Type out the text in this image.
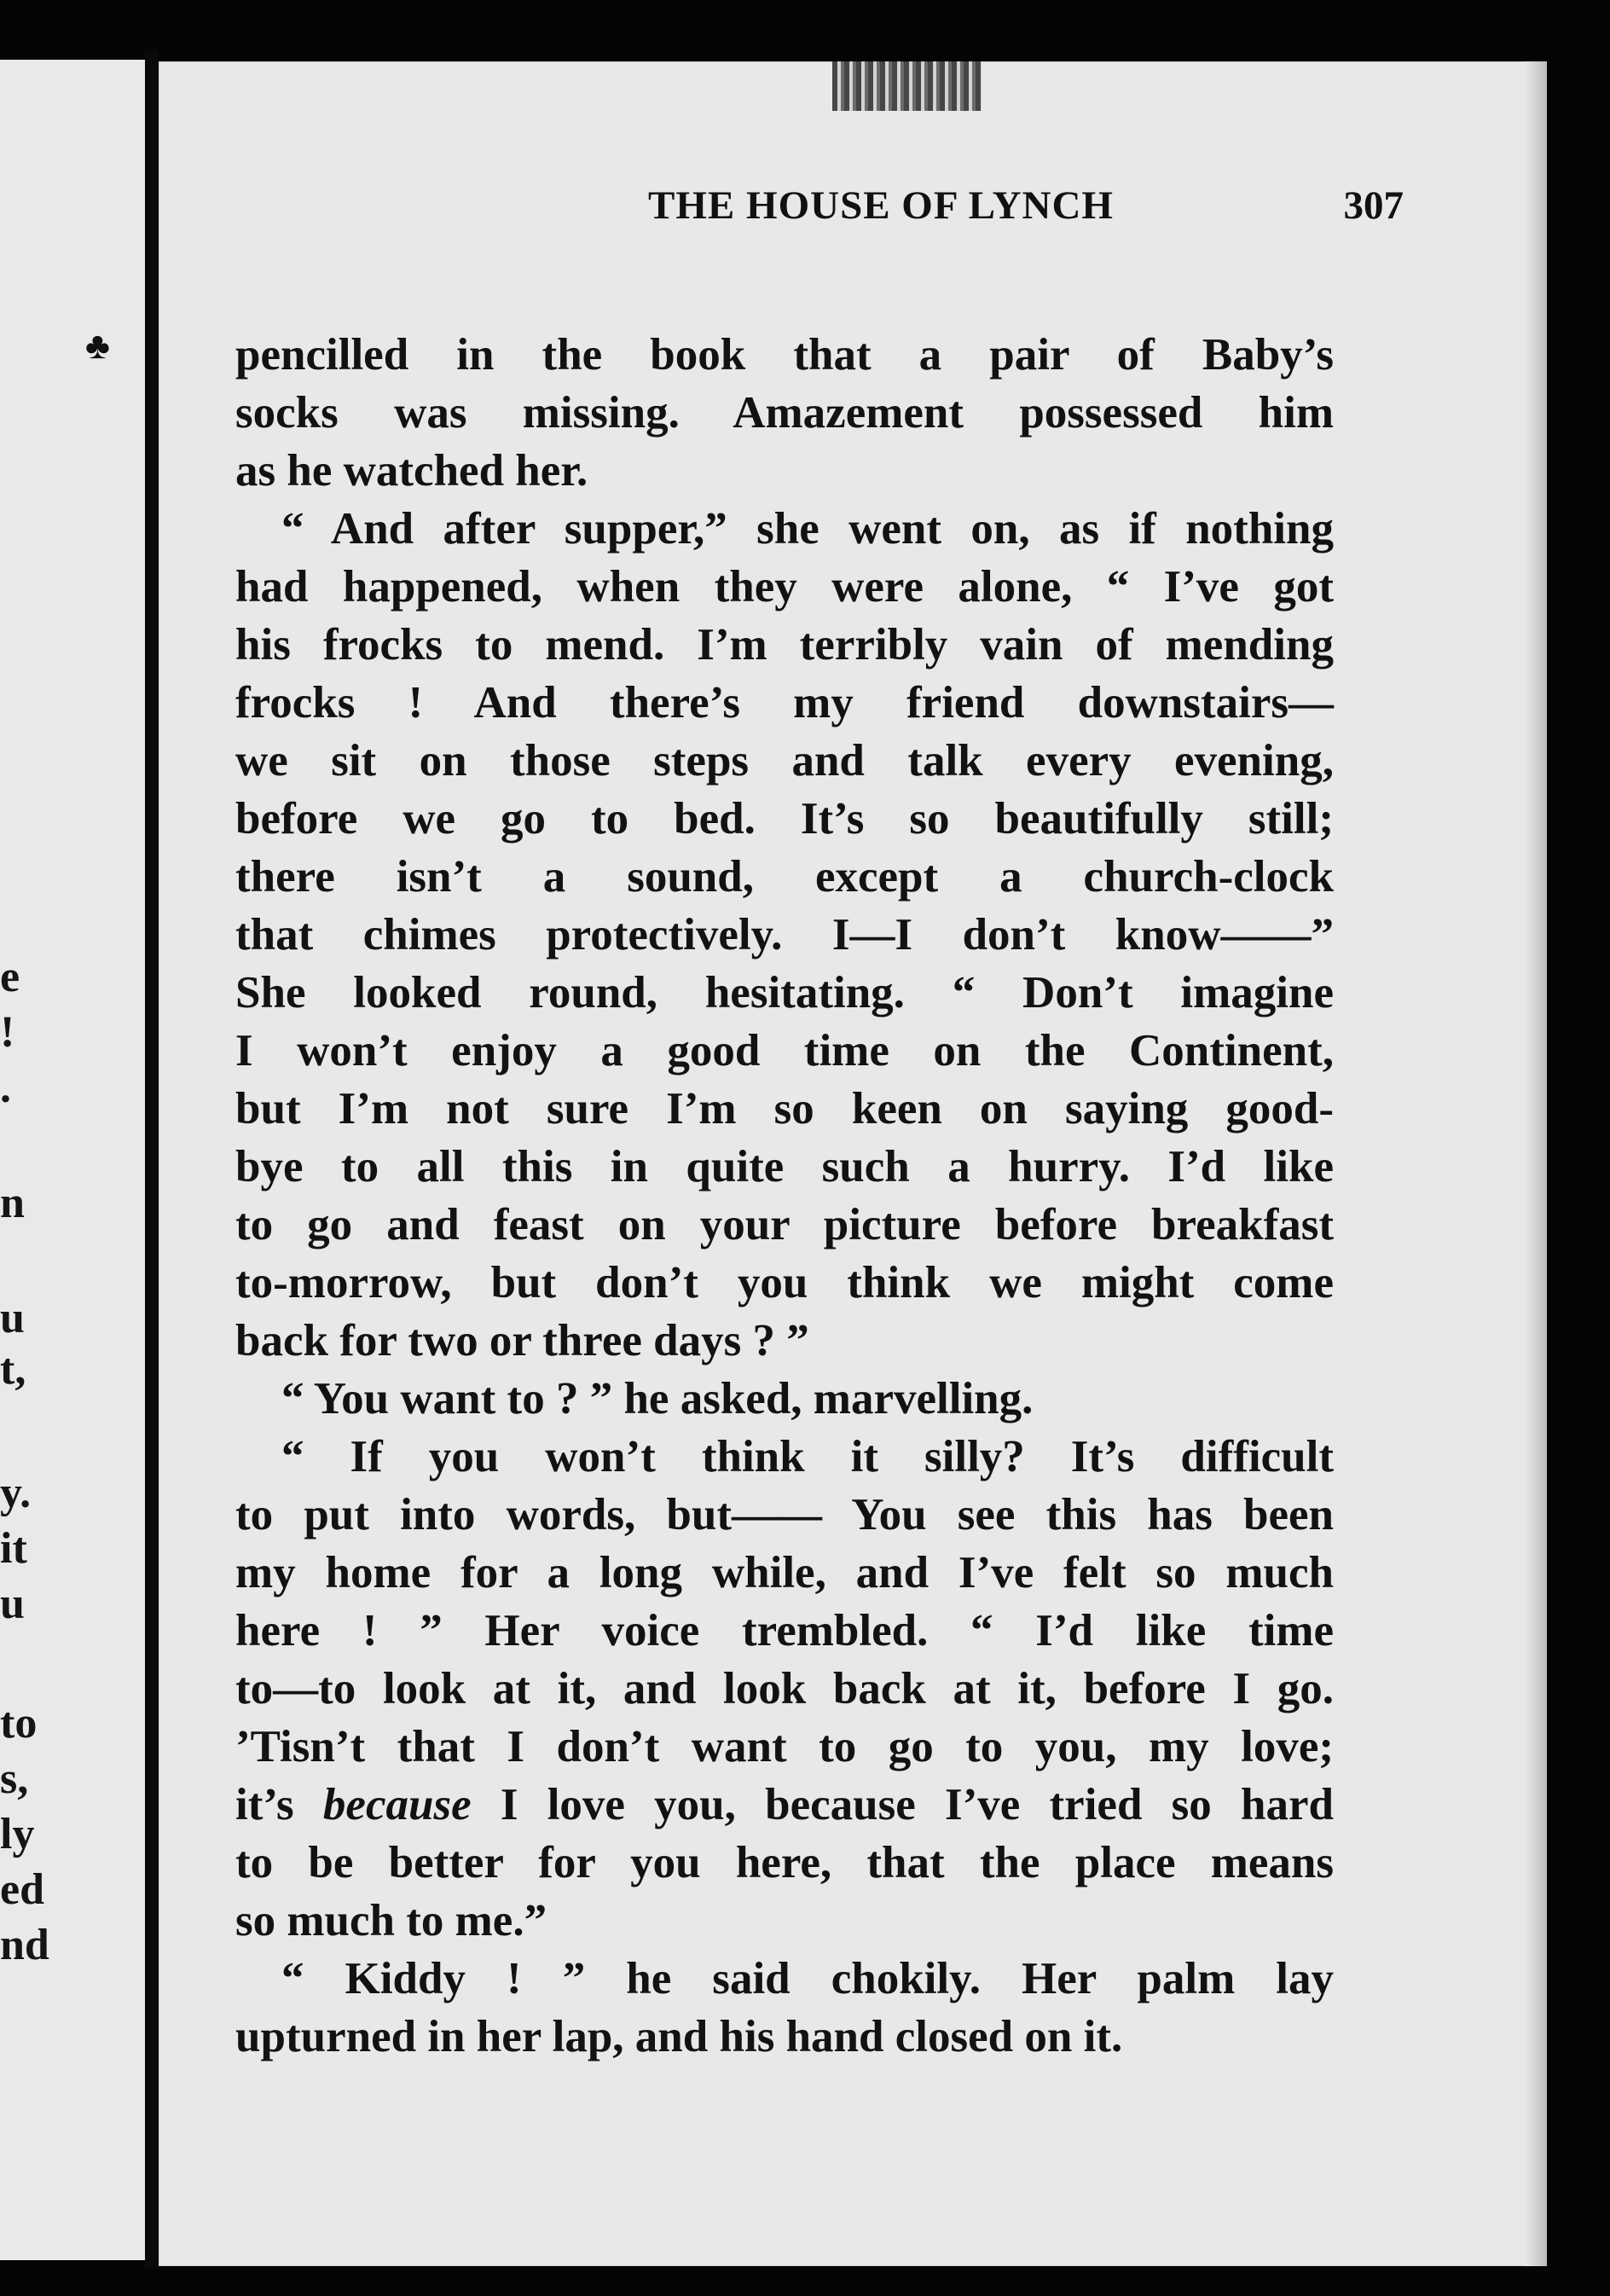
e
!
.
n
u
t,
y.
it
u
to
s,
ly
ed
nd
THE HOUSE OF LYNCH	307
pencilled in the book that a pair of Baby’s
socks was missing. Amazement possessed him
as he watched her.
“ And after supper,” she went on, as if nothing
had happened, when they were alone, “ I’ve got
his frocks to mend. I’m terribly vain of mending
frocks ! And there’s my friend downstairs—
we sit on those steps and talk every evening,
before we go to bed. It’s so beautifully still;
there isn’t a sound, except a church-clock
that chimes protectively. I—I don’t know——”
She looked round, hesitating. “ Don’t imagine
I won’t enjoy a good time on the Continent,
but I’m not sure I’m so keen on saying good-
bye to all this in quite such a hurry. I’d like
to go and feast on your picture before breakfast
to-morrow, but don’t you think we might come
back for two or three days ? ”
“ You want to ? ” he asked, marvelling.
“ If you won’t think it silly? It’s difficult
to put into words, but—— You see this has been
my home for a long while, and I’ve felt so much
here ! ” Her voice trembled. “ I’d like time
to—to look at it, and look back at it, before I go.
’Tisn’t that I don’t want to go to you, my love;
it’s because I love you, because I’ve tried so hard
to be better for you here, that the place means
so much to me.”
“ Kiddy ! ” he said chokily. Her palm lay
upturned in her lap, and his hand closed on it.
♣
